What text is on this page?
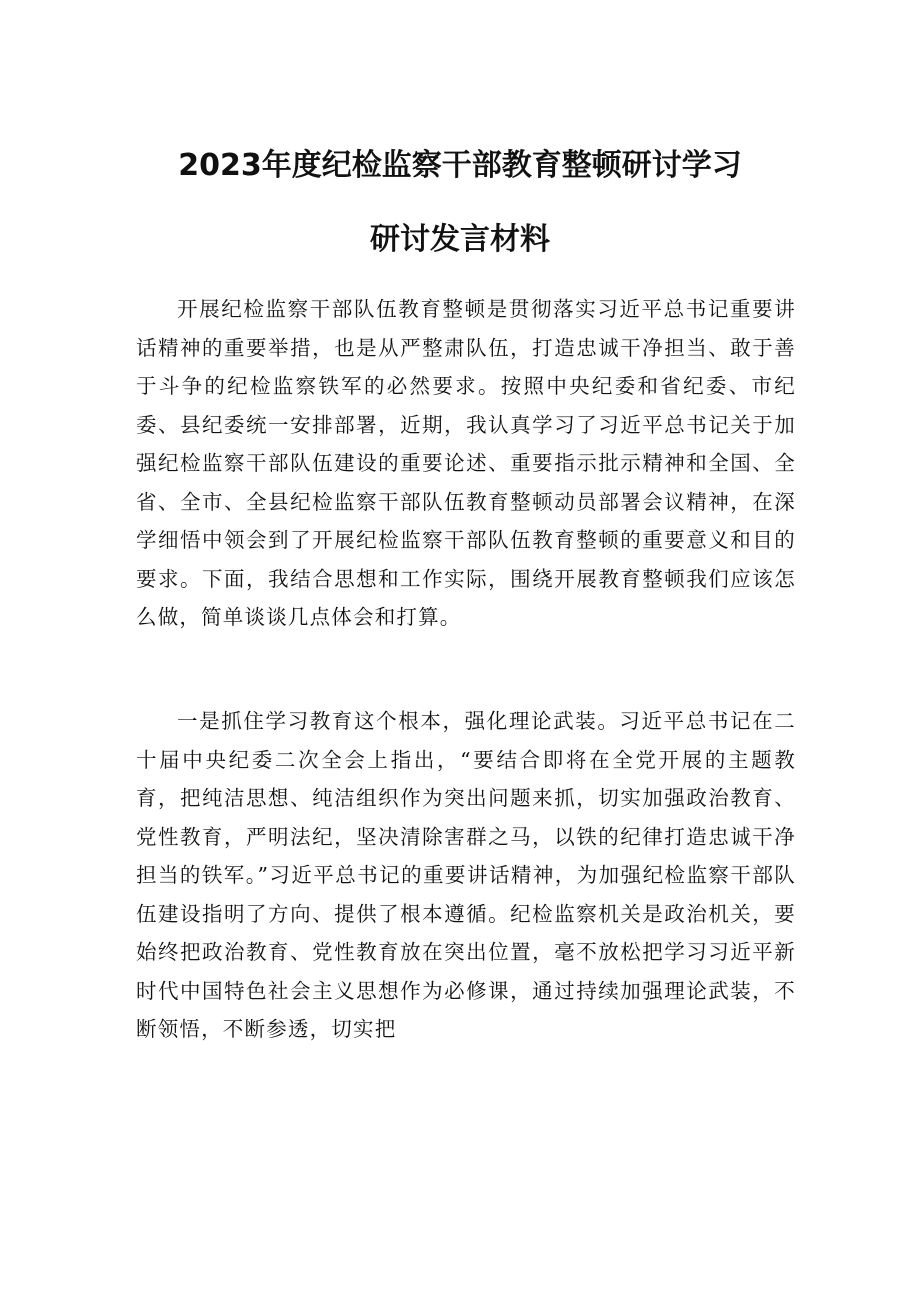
2023年度纪检监察干部教育整顿研讨学习
研讨发言材料

开展纪检监察干部队伍教育整顿是贯彻落实习近平总书记重要讲话精神的重要举措，也是从严整肃队伍，打造忠诚干净担当、敢于善于斗争的纪检监察铁军的必然要求。按照中央纪委和省纪委、市纪委、县纪委统一安排部署，近期，我认真学习了习近平总书记关于加强纪检监察干部队伍建设的重要论述、重要指示批示精神和全国、全省、全市、全县纪检监察干部队伍教育整顿动员部署会议精神，在深学细悟中领会到了开展纪检监察干部队伍教育整顿的重要意义和目的要求。下面，我结合思想和工作实际，围绕开展教育整顿我们应该怎么做，简单谈谈几点体会和打算。

一是抓住学习教育这个根本，强化理论武装。习近平总书记在二十届中央纪委二次全会上指出，“要结合即将在全党开展的主题教育，把纯洁思想、纯洁组织作为突出问题来抓，切实加强政治教育、党性教育，严明法纪，坚决清除害群之马，以铁的纪律打造忠诚干净担当的铁军。”习近平总书记的重要讲话精神，为加强纪检监察干部队伍建设指明了方向、提供了根本遵循。纪检监察机关是政治机关，要始终把政治教育、党性教育放在突出位置，毫不放松把学习习近平新时代中国特色社会主义思想作为必修课，通过持续加强理论武装，不断领悟，不断参透，切实把
